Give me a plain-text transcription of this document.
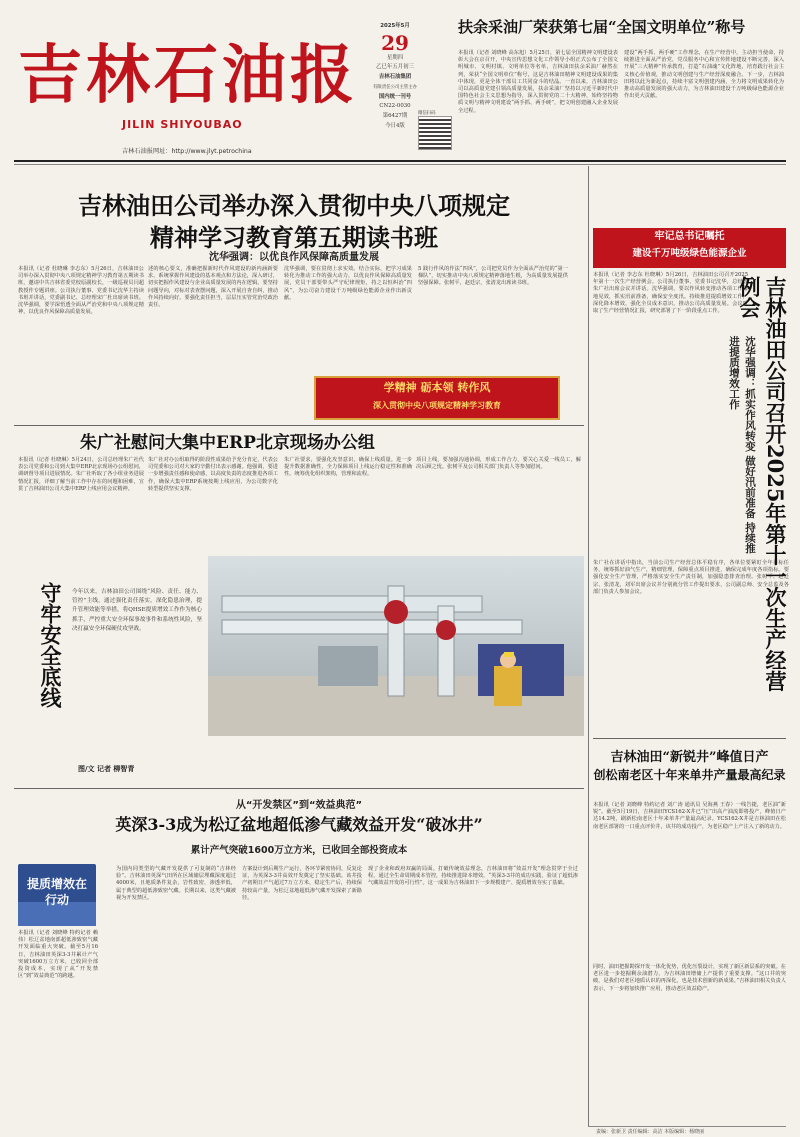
吉林石油报
JILIN SHIYOUBAO
吉林石油报网址：http://www.jlyt.petrochina
2025年5月
29
星期四
乙巳年五月初三
吉林石油集团
有限责任公司主管主办
国内统一刊号
CN22-0030
第6427期
今日4版
微信扫码
扶余采油厂荣获第七届“全国文明单位”称号
本报讯（记者 刘晓峰 高东旭）5月25日，第七届全国精神文明建设表彰大会在京召开，中央宣传思想文化工作领导小组正式公布了全国文明城市、文明村镇、文明单位等名单，吉林油田扶余采油厂赫然在列，荣获“全国文明单位”称号，这是吉林油田精神文明建设成果的集中体现，更是全体干部员工共同奋斗的结晶。一直以来，吉林油田公司以高质量党建引领高质量发展，扶余采油厂坚持以习近平新时代中国特色社会主义思想为指导，深入贯彻党的二十大精神，始终坚持物质文明与精神文明建设“两手抓、两手硬”，把文明创建融入企业发展全过程。
建设“两手抓、两手硬”工作理念，在生产经营中，主动担当使命，持续推进全面从严治党，党员服务中心和宣传阵地建设不断完善，深入开展“三大精神”传承教育，打造“石油魂”文化阵地，培育践行社会主义核心价值观，推动文明创建与生产经营深度融合。下一步，吉林油田将以此为新起点，持续丰富文明创建内涵，全力将文明成果转化为推动高质量发展的强大动力，为吉林油田建设千万吨级绿色能源企业作出更大贡献。
吉林油田公司举办深入贯彻中央八项规定
精神学习教育第五期读书班
沈华强调：以优良作风保障高质量发展
本报讯（记者 杜晓琳 李志东）5月26日，吉林油田公司举办深入贯彻中央八项规定精神学习教育第五期读书班，邀请中共吉林省委党校原副校长，一级巡视员闫超教授作专题讲座。公司执行董事、党委书记沈华主持读书班并讲话，党委副书记、总经理宋广杜出席读书班。沈华强调，要学深悟透全面从严治党和中央八项规定精神，以优良作风保障高质量发展。
述的核心要义，准确把握新时代作风建设的新内涵新要求，系统掌握作风建设的基本观点和方法论，深入研讨，切实把握作风建设与企业高质量发展的内在逻辑。要坚持问题导向，对标对表查摆问题，深入开展自查自纠，推动作风持续向好。要强化责任担当，层层压实管党治党政治责任。
沈华强调，要在贯彻上求实效。结合实际，把学习成果转化为推动工作的强大动力，以优良作风保障高质量发展，党员干部要带头严守纪律规矩，持之以恒纠治“四风”，为公司奋力建设千万吨级绿色能源企业作出新贡献。
5 践行作风的作法“四风”，公司把党员作为全面从严治党的“第一梯队”，切实推动中央八项规定精神落地生根，为高质量发展提供坚强保障。张树平，赵廷宗，张清龙出席读书班。
学精神 砺本领 转作风
深入贯彻中央八项规定精神学习教育
朱广社慰问大集中ERP北京现场办公组
本报讯（记者 杜晓琳）5月24日，公司总经理朱广社代表公司党委和公司到大集中ERP北京现场办公组慰问，调研督导项目进展情况。朱广社听取了各小组业务进展情况汇报，详细了解当前工作中存在的问题和困难，宣贯了吉林油田公司大集中ERP上线应用会议精神。
朱广社对办公组取得的阶段性成果给予充分肯定，代表公司党委和公司对大家的辛勤付出表示感谢。他强调，要进一步增强责任感和使命感，以高度负责的态度推进各项工作，确保大集中ERP系统按期上线应用，为公司数字化转型提供坚实支撑。
朱广社要求，要强化攻坚意识，确保上线质量。进一步提升数据准确性，全力保障项目上线运行稳定性和准确性。统筹优化组织架构，管理和流程。
项目上线，要加强沟通协调，形成工作合力，要关心关爱一线员工，解决后顾之忧。张树平及公司相关部门负责人等参加慰问。
守牢安全底线 今年以来，吉林油田公司围绕“风险、责任、能力、管控”主线，通过强化责任落实，深化隐患治理，提升管理效能等举措，将QHSE提质增效工作作为核心抓手，严控重大安全环保事故事件和系统性风险，坚决打赢安全环保硬仗攻坚战。
图/文 记者 柳智青
从“开发禁区”到“效益典范”
英深3-3成为松辽盆地超低渗气藏效益开发“破冰井”
累计产气突破1600万立方米，已收回全部投资成本
提质增效在行动
本报讯（记者 刘晓峰 特约记者 赖伟）松辽盆地南部超低渗致密气藏开发面临重大突破。截至5月16日，吉林油田英深3-3井累计产气突破1600万立方米，已收回全部投资成本，实现了从“开发禁区”到“效益典范”的跨越。
为国内同类型的气藏开发提供了可复制的“吉林经验”。吉林油田英深气田所在区域储层埋藏深度超过4000米，且地质条件复杂，岩性致密，渗透率低，属于典型的超低渗致密气藏。长期以来，这类气藏被视为开发禁区。
方案设计到后期生产运行，各环节紧密协同，反复论证，为英深3-3井高效开发奠定了坚实基础。该井投产初期日产气超过7万立方米，稳定生产后，持续保持较高产量，为松辽盆地超低渗气藏开发探索了新路径。
现了企业和政府双赢的局面。打破传统效益理念，吉林油田将“效益开发”理念贯穿于全过程，通过全生命周期成本管控，持续推进降本增效，“英深3-3井的成功实践，验证了超低渗气藏效益开发的可行性”。这一成果为吉林油田下一步规模建产、提质增效夯实了基础。
牢记总书记嘱托
建设千万吨级绿色能源企业
本报讯（记者 李志东 杜晓琳）5月26日，吉林油田公司召开2025年第十一次生产经营例会。公司执行董事、党委书记沈华，总经理朱广社出席会议并讲话。沈华强调，要以作风转变推动各项工作落地见效，抓实汛前准备，确保安全度汛。持续推进提质增效工作，深化降本增效，强化全员成本意识，推动公司高质量发展。会议听取了生产经营情况汇报，研究部署了下一阶段重点工作。
朱广社在讲话中指出，当前公司生产经营总体平稳有序，各单位要紧盯全年目标任务，统筹抓好油气生产，精细管理，保障重点项目推进，确保完成年度各项指标。要强化安全生产管理，严格落实安全生产责任制，加强隐患排查治理。张树平、赵廷宗、张清龙，刘军出席会议并分别就分管工作提出要求，公司副总师、安全总监及各部门负责人参加会议。	吉林油田公司召开2025年第十一次生产经营例会
沈华强调：抓实作风转变 做好汛前准备 持续推进提质增效工作
吉林油田“新锐井”峰值日产
创松南老区十年来单井产量最高纪录
本报讯（记者 刘晓峰 特约记者 刘广涛 通讯员 吴海燕 王春）一线告捷，老区油“新锐”。截至5月19日，吉林油田YCS162-X井已“压”出高产油流即将投产，峰值日产达14.2吨，刷新松南老区十年来单井产量最高纪录。YCS162-X井是吉林油田在松南老区部署的一口重点评价井，该井的成功投产，为老区稳产上产注入了新的动力。
同时，油田把握勘探开发一体化优势，优化压裂设计，实现了新区新层系的突破。在老区进一步挖掘剩余油潜力，为吉林油田增储上产提供了重要支撑。“这口井的突破，是我们对老区地质认识的再深化，也是技术创新的新成果。”吉林油田相关负责人表示，下一步将加快推广应用，推动老区效益稳产。
责编：张新卫 责任编辑：高洁 本版编辑：杨晓丽
